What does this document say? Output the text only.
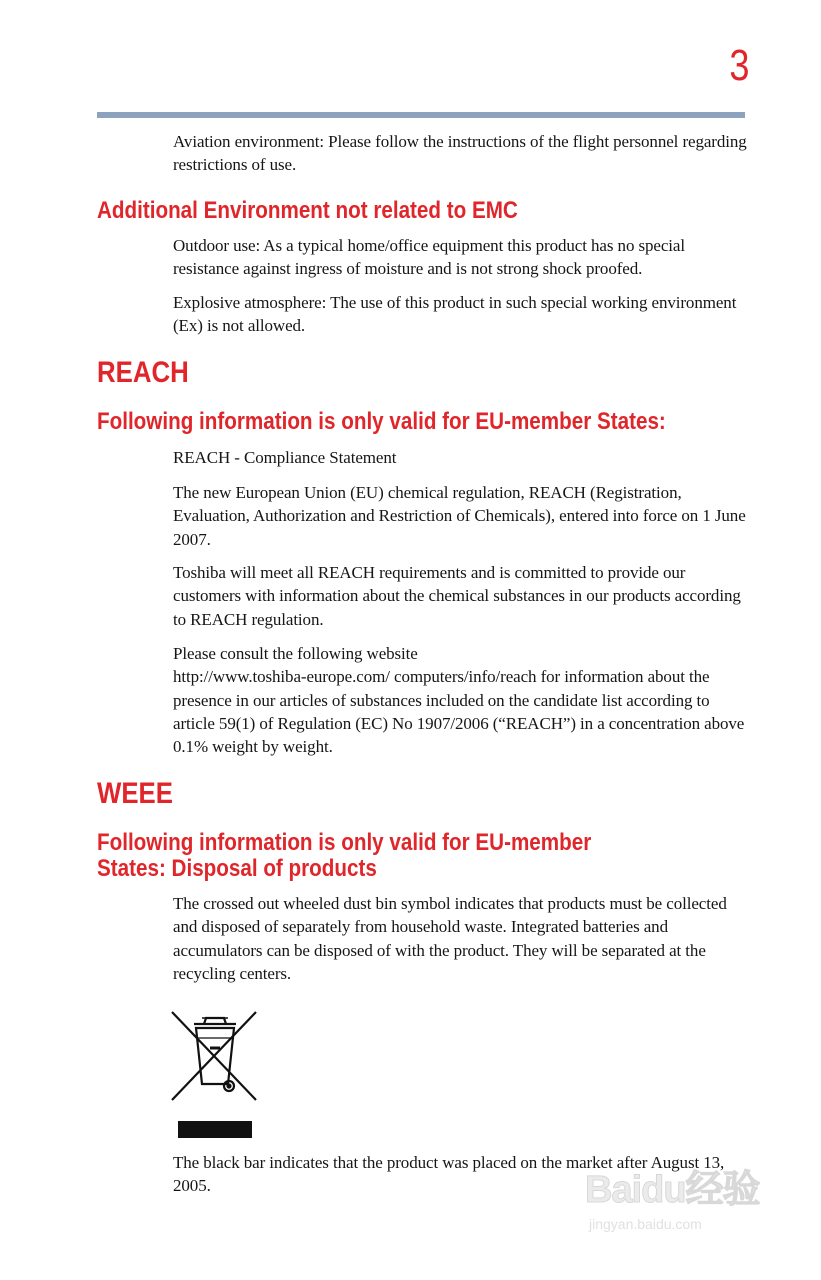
3

Aviation environment: Please follow the instructions of the flight personnel regarding restrictions of use.

Additional Environment not related to EMC

Outdoor use: As a typical home/office equipment this product has no special resistance against ingress of moisture and is not strong shock proofed.

Explosive atmosphere: The use of this product in such special working environment (Ex) is not allowed.

REACH
Following information is only valid for EU-member States:

REACH - Compliance Statement

The new European Union (EU) chemical regulation, REACH (Registration, Evaluation, Authorization and Restriction of Chemicals), entered into force on 1 June 2007.

Toshiba will meet all REACH requirements and is committed to provide our customers with information about the chemical substances in our products according to REACH regulation.

Please consult the following website
http://www.toshiba-europe.com/ computers/info/reach for information about the presence in our articles of substances included on the candidate list according to article 59(1) of Regulation (EC) No 1907/2006 (“REACH”) in a concentration above 0.1% weight by weight.
WEEE
Following information is only valid for EU-member
States: Disposal of products

The crossed out wheeled dust bin symbol indicates that products must be collected and disposed of separately from household waste. Integrated batteries and accumulators can be disposed of with the product. They will be separated at the recycling centers.

The black bar indicates that the product was placed on the market after August 13, 2005.	Baidu经验
jingyan.baidu.com
